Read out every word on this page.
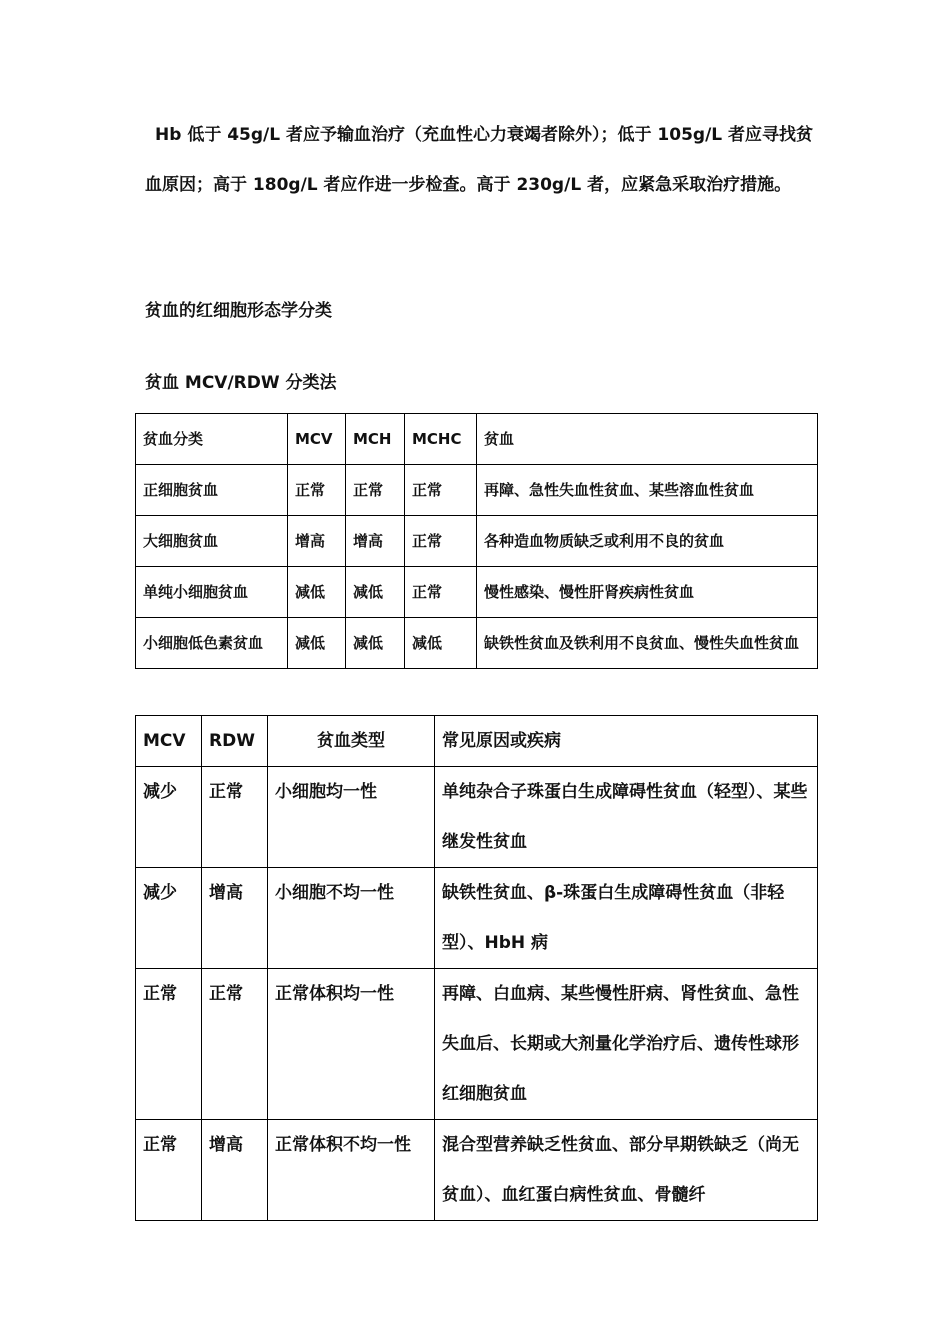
Hb 低于 45g/L 者应予输血治疗（充血性心力衰竭者除外）；低于 105g/L 者应寻找贫血原因；高于 180g/L 者应作进一步检查。高于 230g/L 者，应紧急采取治疗措施。
贫血的红细胞形态学分类
贫血 MCV/RDW 分类法
贫血分类	MCV	MCH	MCHC	贫血
正细胞贫血	正常	正常	正常	再障、急性失血性贫血、某些溶血性贫血
大细胞贫血	增高	增高	正常	各种造血物质缺乏或利用不良的贫血
单纯小细胞贫血	减低	减低	正常	慢性感染、慢性肝肾疾病性贫血
小细胞低色素贫血	减低	减低	减低	缺铁性贫血及铁利用不良贫血、慢性失血性贫血
MCV	RDW	贫血类型	常见原因或疾病
减少	正常	小细胞均一性	单纯杂合子珠蛋白生成障碍性贫血（轻型）、某些继发性贫血
减少	增高	小细胞不均一性	缺铁性贫血、β-珠蛋白生成障碍性贫血（非轻型）、HbH 病
正常	正常	正常体积均一性	再障、白血病、某些慢性肝病、肾性贫血、急性失血后、长期或大剂量化学治疗后、遗传性球形红细胞贫血
正常	增高	正常体积不均一性	混合型营养缺乏性贫血、部分早期铁缺乏（尚无贫血）、血红蛋白病性贫血、骨髓纤
